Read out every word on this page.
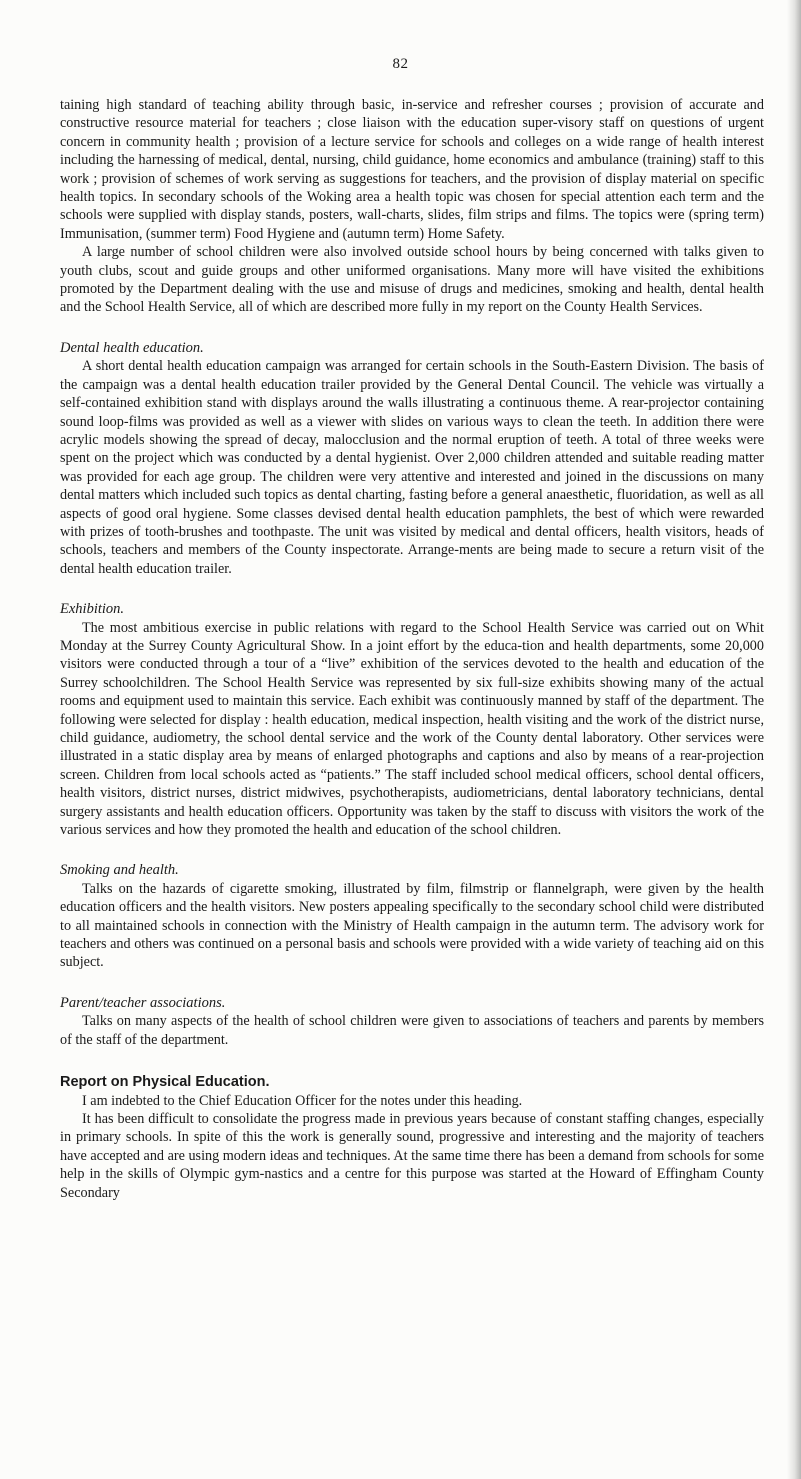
82

taining high standard of teaching ability through basic, in-service and refresher courses ; provision of accurate and constructive resource material for teachers ; close liaison with the education super-visory staff on questions of urgent concern in community health ; provision of a lecture service for schools and colleges on a wide range of health interest including the harnessing of medical, dental, nursing, child guidance, home economics and ambulance (training) staff to this work ; provision of schemes of work serving as suggestions for teachers, and the provision of display material on specific health topics. In secondary schools of the Woking area a health topic was chosen for special attention each term and the schools were supplied with display stands, posters, wall-charts, slides, film strips and films. The topics were (spring term) Immunisation, (summer term) Food Hygiene and (autumn term) Home Safety.

A large number of school children were also involved outside school hours by being concerned with talks given to youth clubs, scout and guide groups and other uniformed organisations. Many more will have visited the exhibitions promoted by the Department dealing with the use and misuse of drugs and medicines, smoking and health, dental health and the School Health Service, all of which are described more fully in my report on the County Health Services.

Dental health education.

A short dental health education campaign was arranged for certain schools in the South-Eastern Division. The basis of the campaign was a dental health education trailer provided by the General Dental Council. The vehicle was virtually a self-contained exhibition stand with displays around the walls illustrating a continuous theme. A rear-projector containing sound loop-films was provided as well as a viewer with slides on various ways to clean the teeth. In addition there were acrylic models showing the spread of decay, malocclusion and the normal eruption of teeth. A total of three weeks were spent on the project which was conducted by a dental hygienist. Over 2,000 children attended and suitable reading matter was provided for each age group. The children were very attentive and interested and joined in the discussions on many dental matters which included such topics as dental charting, fasting before a general anaesthetic, fluoridation, as well as all aspects of good oral hygiene. Some classes devised dental health education pamphlets, the best of which were rewarded with prizes of tooth-brushes and toothpaste. The unit was visited by medical and dental officers, health visitors, heads of schools, teachers and members of the County inspectorate. Arrange-ments are being made to secure a return visit of the dental health education trailer.

Exhibition.

The most ambitious exercise in public relations with regard to the School Health Service was carried out on Whit Monday at the Surrey County Agricultural Show. In a joint effort by the educa-tion and health departments, some 20,000 visitors were conducted through a tour of a “live” exhibition of the services devoted to the health and education of the Surrey schoolchildren. The School Health Service was represented by six full-size exhibits showing many of the actual rooms and equipment used to maintain this service. Each exhibit was continuously manned by staff of the department. The following were selected for display : health education, medical inspection, health visiting and the work of the district nurse, child guidance, audiometry, the school dental service and the work of the County dental laboratory. Other services were illustrated in a static display area by means of enlarged photographs and captions and also by means of a rear-projection screen. Children from local schools acted as “patients.” The staff included school medical officers, school dental officers, health visitors, district nurses, district midwives, psychotherapists, audiometricians, dental laboratory technicians, dental surgery assistants and health education officers. Opportunity was taken by the staff to discuss with visitors the work of the various services and how they promoted the health and education of the school children.

Smoking and health.

Talks on the hazards of cigarette smoking, illustrated by film, filmstrip or flannelgraph, were given by the health education officers and the health visitors. New posters appealing specifically to the secondary school child were distributed to all maintained schools in connection with the Ministry of Health campaign in the autumn term. The advisory work for teachers and others was continued on a personal basis and schools were provided with a wide variety of teaching aid on this subject.

Parent/teacher associations.

Talks on many aspects of the health of school children were given to associations of teachers and parents by members of the staff of the department.

Report on Physical Education.

I am indebted to the Chief Education Officer for the notes under this heading.

It has been difficult to consolidate the progress made in previous years because of constant staffing changes, especially in primary schools. In spite of this the work is generally sound, progressive and interesting and the majority of teachers have accepted and are using modern ideas and techniques. At the same time there has been a demand from schools for some help in the skills of Olympic gym-nastics and a centre for this purpose was started at the Howard of Effingham County Secondary
